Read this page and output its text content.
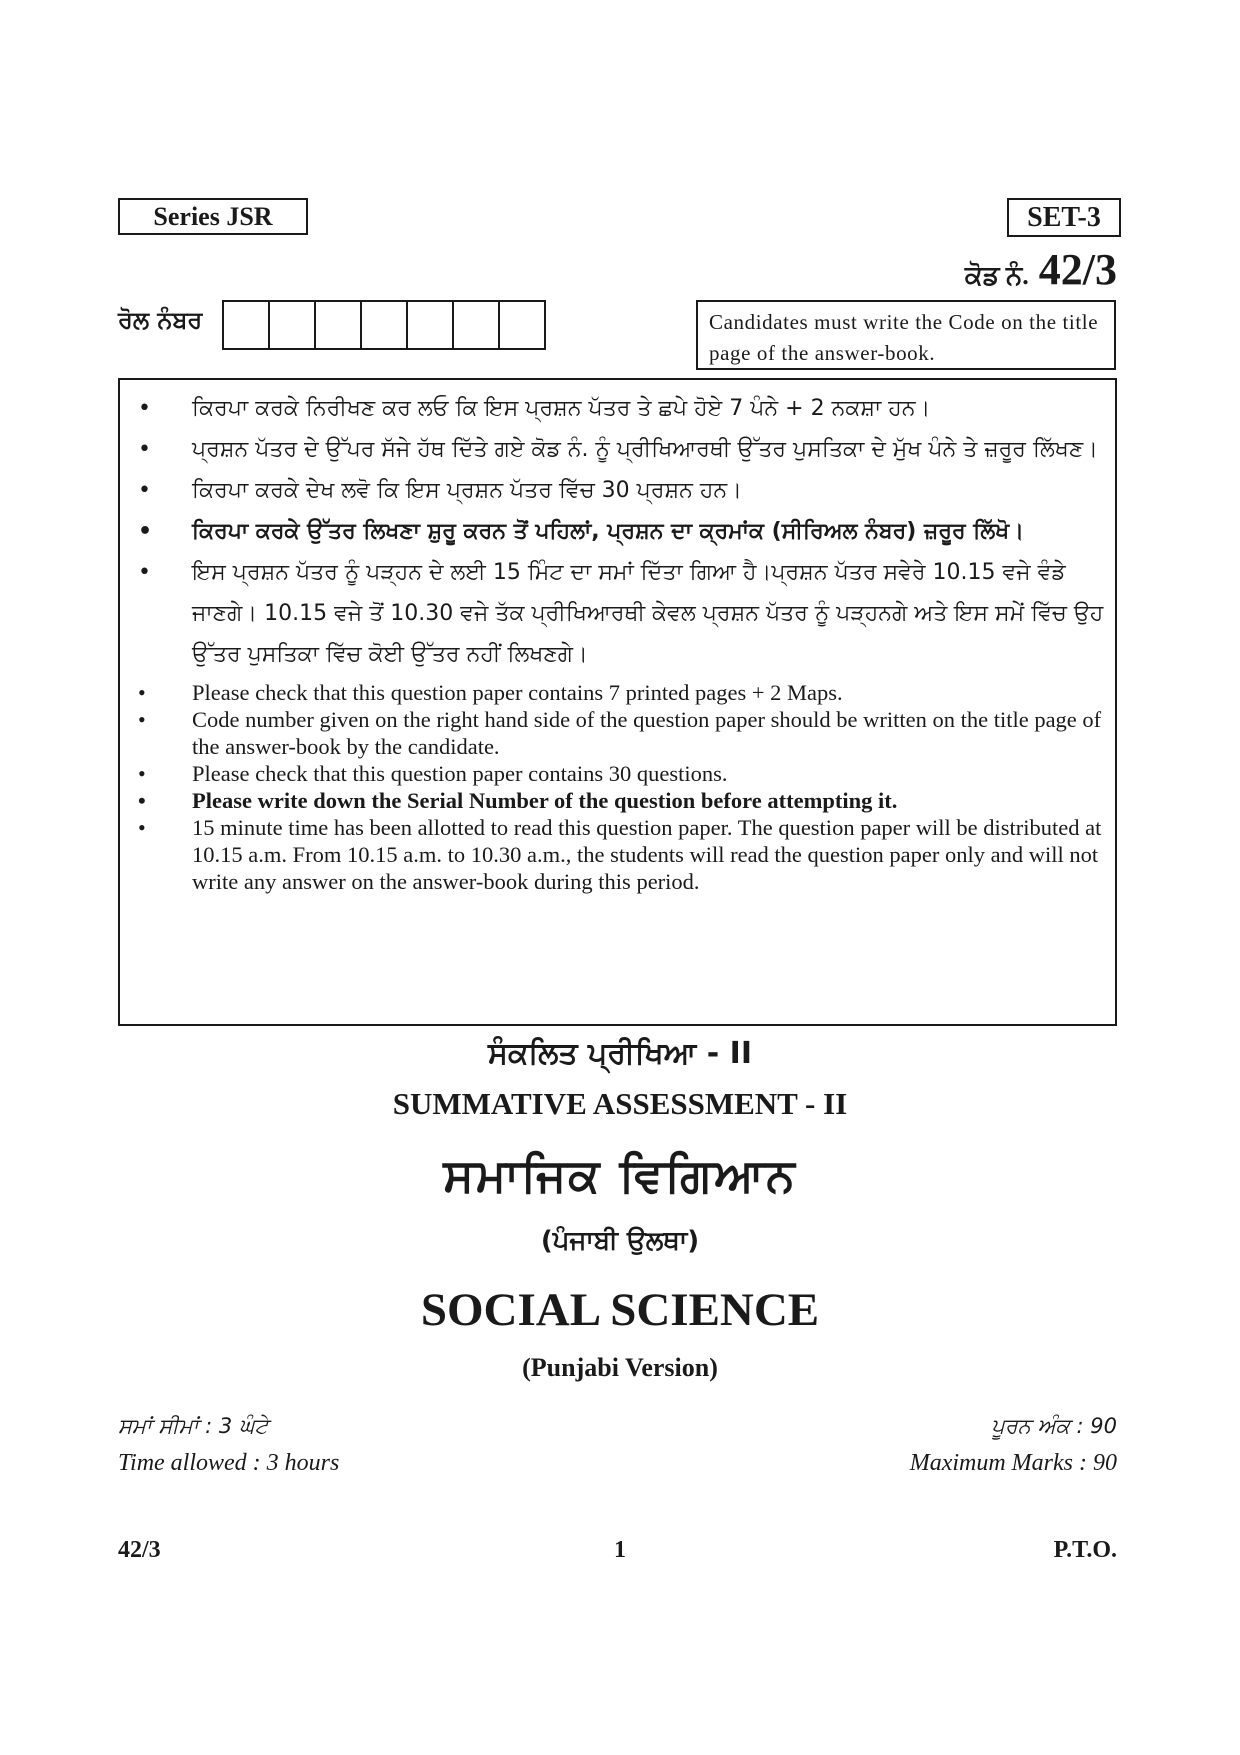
Series JSR	SET-3
ਕੋਡ ਨੰ. 42/3
ਰੋਲ ਨੰਬਰ	Candidates must write the Code on the title page of the answer-book.
•	ਕਿਰਪਾ ਕਰਕੇ ਨਿਰੀਖਣ ਕਰ ਲਓ ਕਿ ਇਸ ਪ੍ਰਸ਼ਨ ਪੱਤਰ ਤੇ ਛਪੇ ਹੋਏ 7 ਪੰਨੇ + 2 ਨਕਸ਼ਾ ਹਨ।
•	ਪ੍ਰਸ਼ਨ ਪੱਤਰ ਦੇ ਉੱਪਰ ਸੱਜੇ ਹੱਥ ਦਿੱਤੇ ਗਏ ਕੋਡ ਨੰ. ਨੂੰ ਪ੍ਰੀਖਿਆਰਥੀ ਉੱਤਰ ਪੁਸਤਿਕਾ ਦੇ ਮੁੱਖ ਪੰਨੇ ਤੇ ਜ਼ਰੂਰ ਲਿੱਖਣ।
•	ਕਿਰਪਾ ਕਰਕੇ ਦੇਖ ਲਵੋ ਕਿ ਇਸ ਪ੍ਰਸ਼ਨ ਪੱਤਰ ਵਿੱਚ 30 ਪ੍ਰਸ਼ਨ ਹਨ।
• ਕਿਰਪਾ ਕਰਕੇ ਉੱਤਰ ਲਿਖਣਾ ਸ਼ੁਰੂ ਕਰਨ ਤੋਂ ਪਹਿਲਾਂ, ਪ੍ਰਸ਼ਨ ਦਾ ਕ੍ਰਮਾਂਕ (ਸੀਰਿਅਲ ਨੰਬਰ) ਜ਼ਰੂਰ ਲਿੱਖੋ।
•	ਇਸ ਪ੍ਰਸ਼ਨ ਪੱਤਰ ਨੂੰ ਪੜ੍ਹਨ ਦੇ ਲਈ 15 ਮਿੰਟ ਦਾ ਸਮਾਂ ਦਿੱਤਾ ਗਿਆ ਹੈ।ਪ੍ਰਸ਼ਨ ਪੱਤਰ ਸਵੇਰੇ 10.15 ਵਜੇ ਵੰਡੇ ਜਾਣਗੇ। 10.15 ਵਜੇ ਤੋਂ 10.30 ਵਜੇ ਤੱਕ ਪ੍ਰੀਖਿਆਰਥੀ ਕੇਵਲ ਪ੍ਰਸ਼ਨ ਪੱਤਰ ਨੂੰ ਪੜ੍ਹਨਗੇ ਅਤੇ ਇਸ ਸਮੇਂ ਵਿੱਚ ਉਹ ਉੱਤਰ ਪੁਸਤਿਕਾ ਵਿੱਚ ਕੋਈ ਉੱਤਰ ਨਹੀਂ ਲਿਖਣਗੇ।
•	Please check that this question paper contains 7 printed pages + 2 Maps.
•	Code number given on the right hand side of the question paper should be written on the title page of the answer-book by the candidate.
•	Please check that this question paper contains 30 questions.
•	Please write down the Serial Number of the question before attempting it.
•	15 minute time has been allotted to read this question paper. The question paper will be distributed at 10.15 a.m. From 10.15 a.m. to 10.30 a.m., the students will read the question paper only and will not write any answer on the answer-book during this period.
ਸੰਕਲਿਤ ਪ੍ਰੀਖਿਆ - II
SUMMATIVE ASSESSMENT - II
ਸਮਾਜਿਕ ਵਿਗਿਆਨ
(ਪੰਜਾਬੀ ਉਲਥਾ)
SOCIAL SCIENCE
(Punjabi Version)
ਸਮਾਂ ਸੀਮਾਂ : 3 ਘੰਟੇ
Time allowed : 3 hours
ਪੂਰਨ ਅੰਕ : 90
Maximum Marks : 90
42/3	1	P.T.O.
